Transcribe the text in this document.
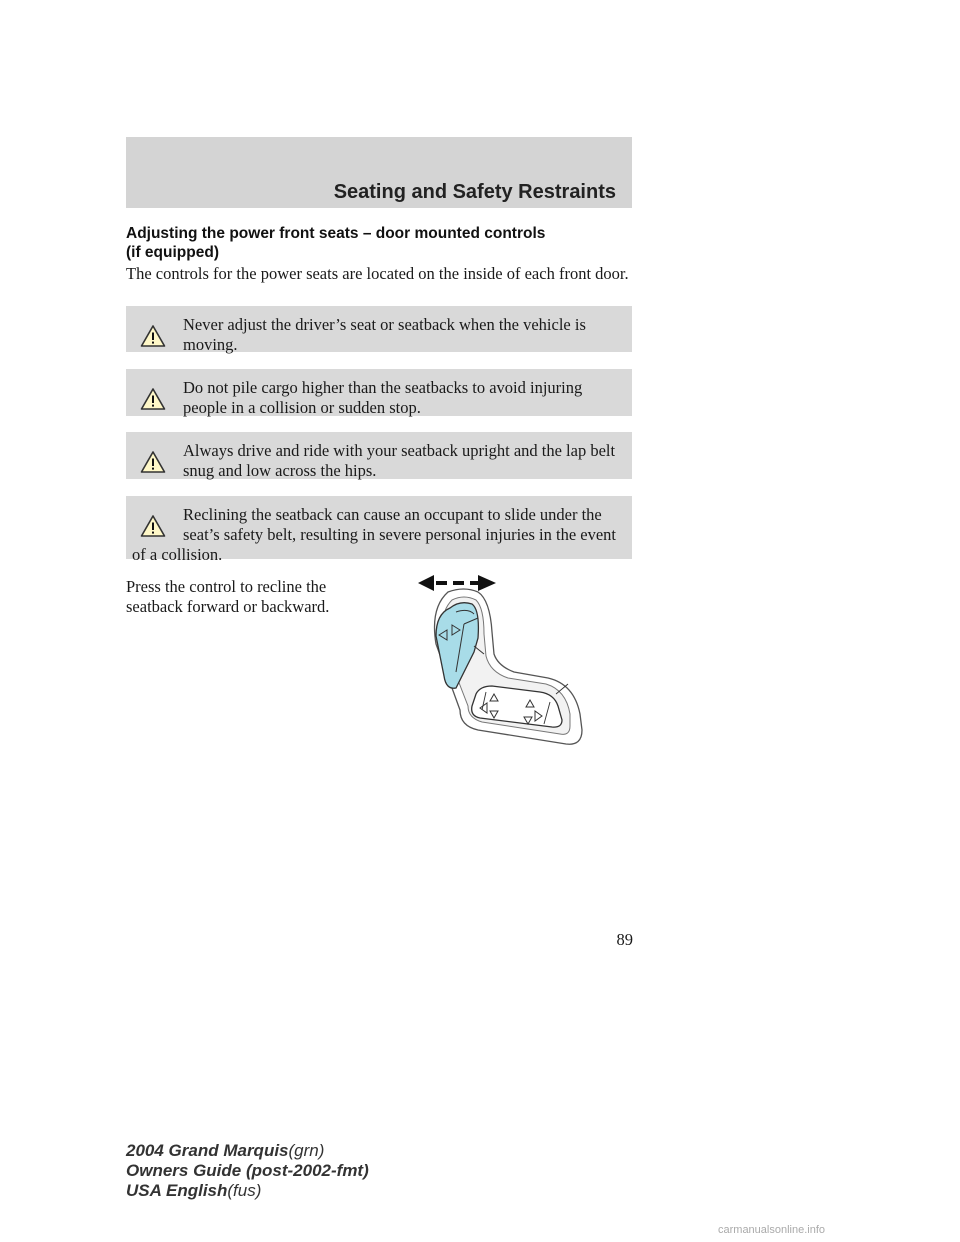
Seating and Safety Restraints
Adjusting the power front seats – door mounted controls
(if equipped)
The controls for the power seats are located on the inside of each front door.
Never adjust the driver’s seat or seatback when the vehicle is moving.
Do not pile cargo higher than the seatbacks to avoid injuring people in a collision or sudden stop.
Always drive and ride with your seatback upright and the lap belt snug and low across the hips.
Reclining the seatback can cause an occupant to slide under the seat’s safety belt, resulting in severe personal injuries in the event of a collision.
Press the control to recline the seatback forward or backward.
89
2004 Grand Marquis(grn)
Owners Guide (post-2002-fmt)
USA English(fus)
carmanualsonline.info
